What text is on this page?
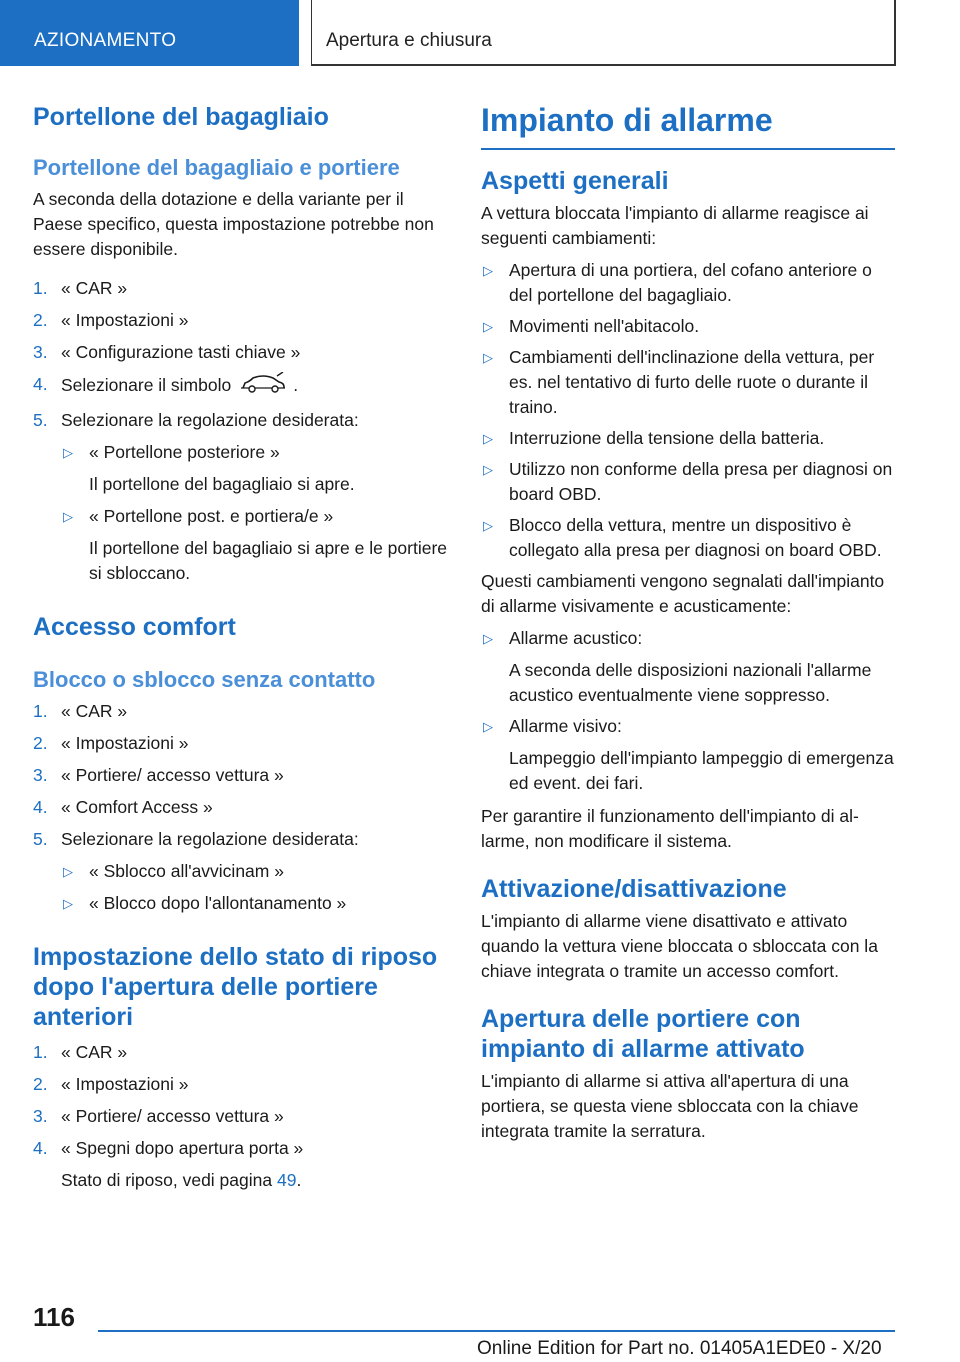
AZIONAMENTO	Apertura e chiusura
Portellone del bagagliaio
Portellone del bagagliaio e portiere
A seconda della dotazione e della variante per il Paese specifico, questa impostazione potrebbe non essere disponibile.
1. « CAR »
2. « Impostazioni »
3. « Configurazione tasti chiave »
4. Selezionare il simbolo	.
5. Selezionare la regolazione desiderata:
▷ « Portellone posteriore »
Il portellone del bagagliaio si apre.
▷ « Portellone post. e portiera/e »
Il portellone del bagagliaio si apre e le portiere si sbloccano.
Accesso comfort
Blocco o sblocco senza contatto
1. « CAR »
2. « Impostazioni »
3. « Portiere/ accesso vettura »
4. « Comfort Access »
5. Selezionare la regolazione desiderata:
▷ « Sblocco all'avvicinam »
▷ « Blocco dopo l'allontanamento »
Impostazione dello stato di riposo dopo l'apertura delle portiere anteriori
1. « CAR »
2. « Impostazioni »
3. « Portiere/ accesso vettura »
4. « Spegni dopo apertura porta »
Stato di riposo, vedi pagina 49.
Impianto di allarme
Aspetti generali
A vettura bloccata l'impianto di allarme reagisce ai seguenti cambiamenti:
▷ Apertura di una portiera, del cofano anteriore o del portellone del bagagliaio.
▷ Movimenti nell'abitacolo.
▷ Cambiamenti dell'inclinazione della vettura, per es. nel tentativo di furto delle ruote o durante il traino.
▷ Interruzione della tensione della batteria.
▷ Utilizzo non conforme della presa per diagnosi on board OBD.
▷ Blocco della vettura, mentre un dispositivo è collegato alla presa per diagnosi on board OBD.
Questi cambiamenti vengono segnalati dall'impianto di allarme visivamente e acusticamente:
▷ Allarme acustico:
A seconda delle disposizioni nazionali l'allarme acustico eventualmente viene soppresso.
▷ Allarme visivo:
Lampeggio dell'impianto lampeggio di emergenza ed event. dei fari.
Per garantire il funzionamento dell'impianto di allarme, non modificare il sistema.
Attivazione/disattivazione
L'impianto di allarme viene disattivato e attivato quando la vettura viene bloccata o sbloccata con la chiave integrata o tramite un accesso comfort.
Apertura delle portiere con impianto di allarme attivato
L'impianto di allarme si attiva all'apertura di una portiera, se questa viene sbloccata con la chiave integrata tramite la serratura.
116
Online Edition for Part no. 01405A1EDE0 - X/20
